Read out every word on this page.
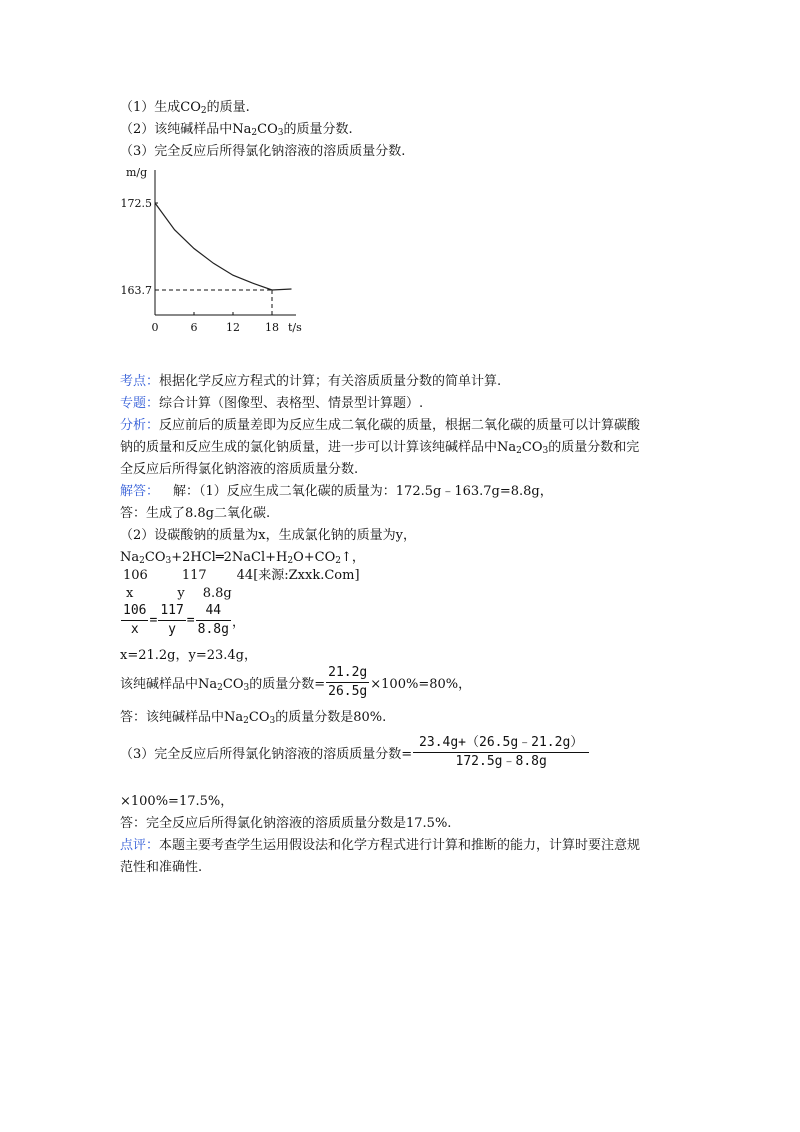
（1）生成$CO_2$的质量.
（2）该纯碱样品中$Na_2CO_3$的质量分数.
（3）完全反应后所得氯化钠溶液的溶质质量分数.
m/g
t/s
172.5
163.7
0	6	12 18
考点：根据化学反应方程式的计算；有关溶质质量分数的简单计算.
专题：综合计算（图像型、表格型、情景型计算题）.
分析：反应前后的质量差即为反应生成二氧化碳的质量，根据二氧化碳的质量可以计算碳酸
钠的质量和反应生成的氯化钠质量，进一步可以计算该纯碱样品中$Na_2CO_3$的质量分数和完
全反应后所得氯化钠溶液的溶质质量分数.
解答： 解：（1）反应生成二氧化碳的质量为：172.5g﹣163.7g=8.8g，
答：生成了8.8g二氧化碳.
（2）设碳酸钠的质量为x，生成氯化钠的质量为y，
$Na_2CO_3+2HCl═2NaCl+H_2O+CO_2↑$，
106	117 44[来源:Zxxk.Com]
x	y 8.8g
$\frac{106}{x} = \frac{117}{y} = \frac{44}{8.8g}$ ，
x=21.2g，y=23.4g，
该纯碱样品中$Na_2CO_3$的质量分数= $\frac{21.2g}{26.5g} \times 100\%=80\%$，
答：该纯碱样品中$Na_2CO_3$的质量分数是80%.
（3）完全反应后所得氯化钠溶液的溶质质量分数= $\frac{23.4g+(26.5g﹣21.2g)}{172.5g﹣8.8g}$
×100%=17.5%，
答：完全反应后所得氯化钠溶液的溶质质量分数是17.5%.
点评：本题主要考查学生运用假设法和化学方程式进行计算和推断的能力，计算时要注意规
范性和准确性.
